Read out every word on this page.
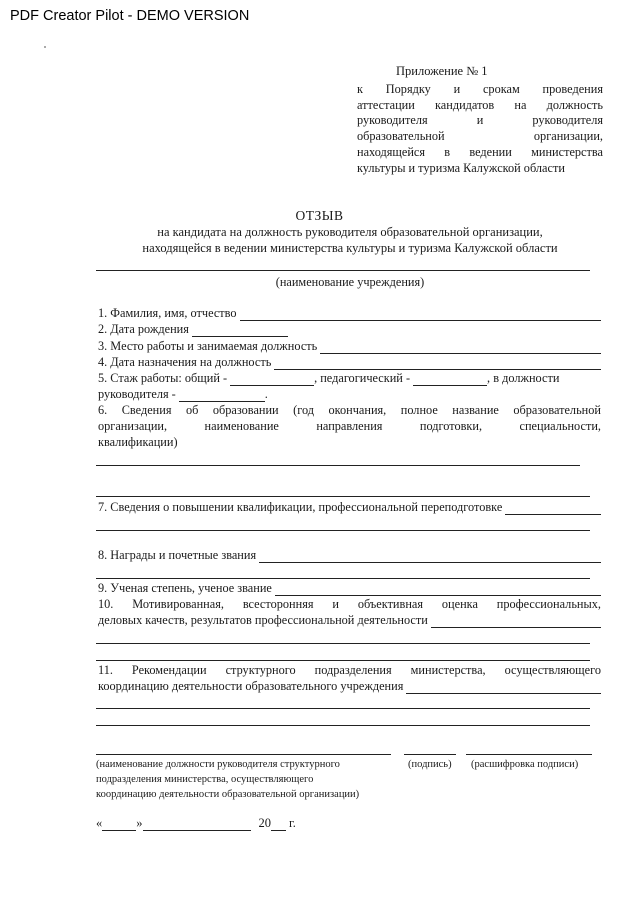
PDF Creator Pilot - DEMO VERSION
Приложение № 1
к Порядку и срокам проведения
аттестации кандидатов на должность
руководителя и руководителя
образовательной организации,
находящейся в ведении министерства
культуры и туризма Калужской области
ОТЗЫВ
на кандидата на должность руководителя образовательной организации,
находящейся в ведении министерства культуры и туризма Калужской области
(наименование учреждения)
1. Фамилия, имя, отчество
2. Дата рождения
3. Место работы и занимаемая должность
4. Дата назначения на должность
5. Стаж работы: общий -	, педагогический -	, в должности
руководителя -	.
6. Сведения об образовании (год окончания, полное название образовательной
организации, наименование направления подготовки, специальности,
квалификации)
7. Сведения о повышении квалификации, профессиональной переподготовке
8. Награды и почетные звания
9. Ученая степень, ученое звание
10. Мотивированная, всесторонняя и объективная оценка профессиональных,
деловых качеств, результатов профессиональной деятельности
11. Рекомендации структурного подразделения министерства, осуществляющего
координацию деятельности образовательного учреждения
(наименование должности руководителя структурного
подразделения министерства, осуществляющего
координацию деятельности образовательной организации)
(подпись) (расшифровка подписи)
«	»	20 г.
